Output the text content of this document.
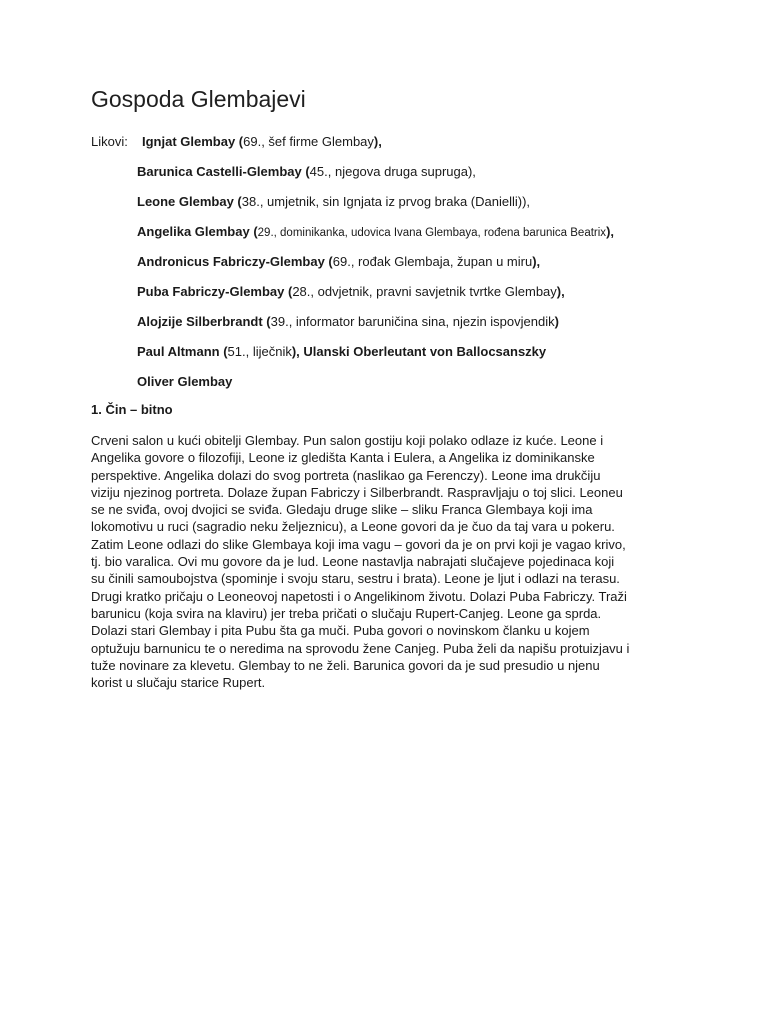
Gospoda Glembajevi
Likovi: Ignjat Glembay (69., šef firme Glembay),
Barunica Castelli-Glembay (45., njegova druga supruga),
Leone Glembay (38., umjetnik, sin Ignjata iz prvog braka (Danielli)),
Angelika Glembay (29., dominikanka, udovica Ivana Glembaya, rođena barunica Beatrix),
Andronicus Fabriczy-Glembay (69., rođak Glembaja, župan u miru),
Puba Fabriczy-Glembay (28., odvjetnik, pravni savjetnik tvrtke Glembay),
Alojzije Silberbrandt (39., informator baruničina sina, njezin ispovjendik)
Paul Altmann (51., liječnik), Ulanski Oberleutant von Ballocsanszky
Oliver Glembay
1. Čin – bitno
Crveni salon u kući obitelji Glembay. Pun salon gostiju koji polako odlaze iz kuće. Leone i
Angelika govore o filozofiji, Leone iz gledišta Kanta i Eulera, a Angelika iz dominikanske
perspektive. Angelika dolazi do svog portreta (naslikao ga Ferenczy). Leone ima drukčiju
viziju njezinog portreta. Dolaze župan Fabriczy i Silberbrandt. Raspravljaju o toj slici. Leoneu
se ne sviđa, ovoj dvojici se sviđa. Gledaju druge slike – sliku Franca Glembaya koji ima
lokomotivu u ruci (sagradio neku željeznicu), a Leone govori da je čuo da taj vara u pokeru.
Zatim Leone odlazi do slike Glembaya koji ima vagu – govori da je on prvi koji je vagao krivo,
tj. bio varalica. Ovi mu govore da je lud. Leone nastavlja nabrajati slučajeve pojedinaca koji
su činili samoubojstva (spominje i svoju staru, sestru i brata). Leone je ljut i odlazi na terasu.
Drugi kratko pričaju o Leoneovoj napetosti i o Angelikinom životu. Dolazi Puba Fabriczy. Traži
barunicu (koja svira na klaviru) jer treba pričati o slučaju Rupert-Canjeg. Leone ga sprda.
Dolazi stari Glembay i pita Pubu šta ga muči. Puba govori o novinskom članku u kojem
optužuju barnunicu te o neredima na sprovodu žene Canjeg. Puba želi da napišu protuizjavu i
tuže novinare za klevetu. Glembay to ne želi. Barunica govori da je sud presudio u njenu
korist u slučaju starice Rupert.
